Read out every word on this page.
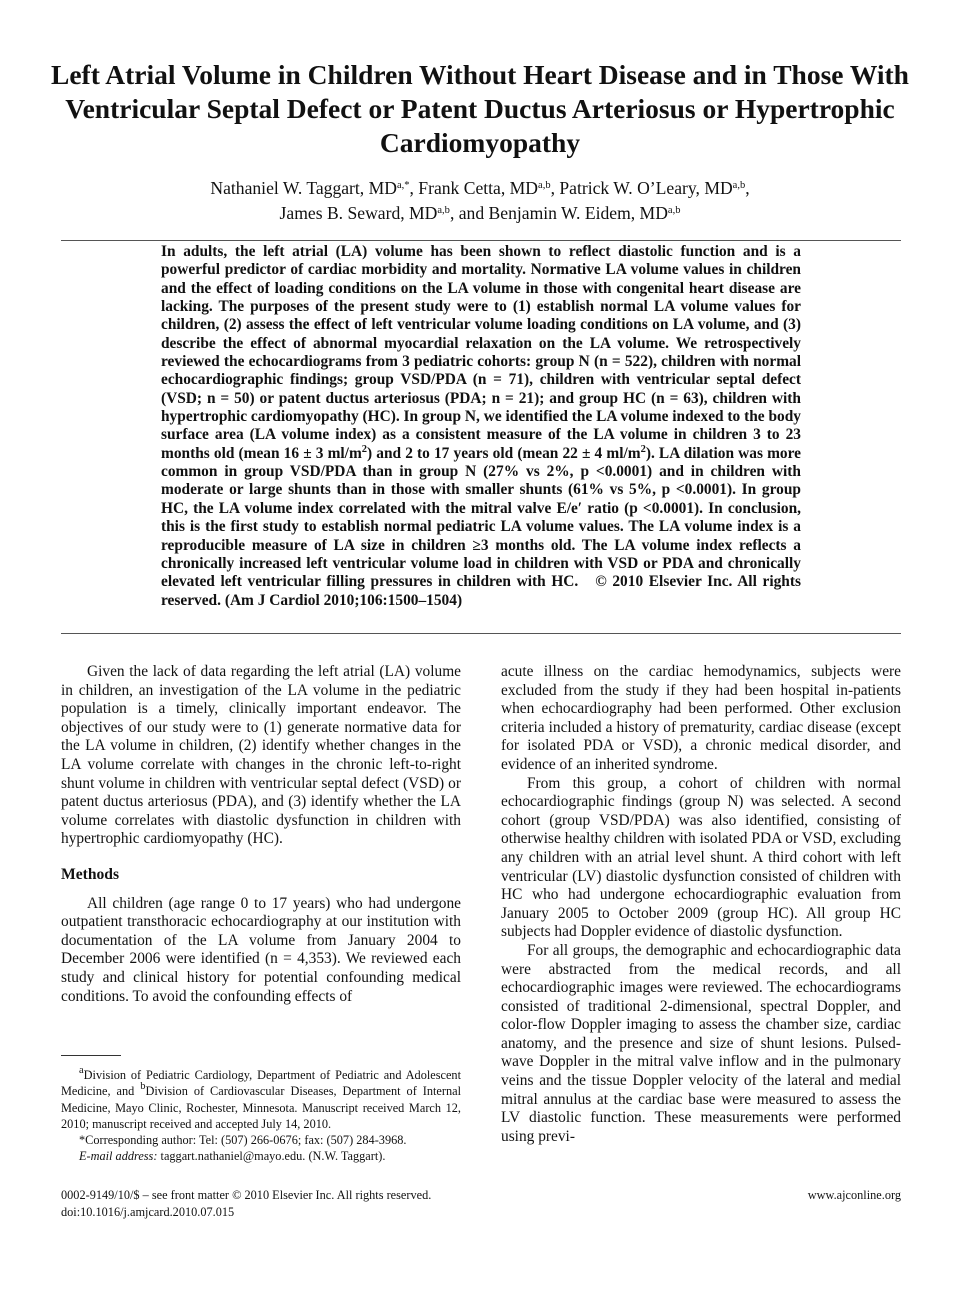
Left Atrial Volume in Children Without Heart Disease and in Those With Ventricular Septal Defect or Patent Ductus Arteriosus or Hypertrophic Cardiomyopathy
Nathaniel W. Taggart, $MD^{a,*}$, Frank Cetta, MD$^{a,b}$, Patrick W. O’Leary, MD$^{a,b}$,
James B. Seward, MD$^{a,b}$, and Benjamin W. Eidem, MD$^{a,b}$

In adults, the left atrial (LA) volume has been shown to reflect diastolic function and is a powerful predictor of cardiac morbidity and mortality. Normative LA volume values in children and the effect of loading conditions on the LA volume in those with congenital heart disease are lacking. The purposes of the present study were to (1) establish normal LA volume values for children, (2) assess the effect of left ventricular volume loading conditions on LA volume, and (3) describe the effect of abnormal myocardial relaxation on the LA volume. We retrospectively reviewed the echocardiograms from 3 pediatric cohorts: group N (n = 522), children with normal echocardiographic findings; group VSD/PDA (n = 71), children with ventricular septal defect (VSD; n = 50) or patent ductus arteriosus (PDA; n = 21); and group HC (n = 63), children with hypertrophic cardiomyopathy (HC). In group N, we identified the LA volume indexed to the body surface area (LA volume index) as a consistent measure of the LA volume in children 3 to 23 months old (mean 16 ± 3 $ml/m^2$) and 2 to 17 years old (mean 22 ± 4 $ml/m^2$). LA dilation was more common in group VSD/PDA than in group N (27% vs 2%, p <0.0001) and in children with moderate or large shunts than in those with smaller shunts (61% vs 5%, p <0.0001). In group HC, the LA volume index correlated with the mitral valve E/e′ ratio (p <0.0001). In conclusion, this is the first study to establish normal pediatric LA volume values. The LA volume index is a reproducible measure of LA size in children ≥3 months old. The LA volume index reflects a chronically increased left ventricular volume load in children with VSD or PDA and chronically elevated left ventricular filling pressures in children with HC. © 2010 Elsevier Inc. All rights reserved. (Am J Cardiol 2010;106:1500–1504)

Given the lack of data regarding the left atrial (LA) volume in children, an investigation of the LA volume in the pediatric population is a timely, clinically important endeavor. The objectives of our study were to (1) generate normative data for the LA volume in children, (2) identify whether changes in the LA volume correlate with changes in the chronic left-to-right shunt volume in children with ventricular septal defect (VSD) or patent ductus arteriosus (PDA), and (3) identify whether the LA volume correlates with diastolic dysfunction in children with hypertrophic cardiomyopathy (HC).

Methods

All children (age range 0 to 17 years) who had undergone outpatient transthoracic echocardiography at our institution with documentation of the LA volume from January 2004 to December 2006 were identified (n = 4,353). We reviewed each study and clinical history for potential confounding medical conditions. To avoid the confounding effects of

acute illness on the cardiac hemodynamics, subjects were excluded from the study if they had been hospital in-patients when echocardiography had been performed. Other exclusion criteria included a history of prematurity, cardiac disease (except for isolated PDA or VSD), a chronic medical disorder, and evidence of an inherited syndrome.

From this group, a cohort of children with normal echocardiographic findings (group N) was selected. A second cohort (group VSD/PDA) was also identified, consisting of otherwise healthy children with isolated PDA or VSD, excluding any children with an atrial level shunt. A third cohort with left ventricular (LV) diastolic dysfunction consisted of children with HC who had undergone echocardiographic evaluation from January 2005 to October 2009 (group HC). All group HC subjects had Doppler evidence of diastolic dysfunction.

For all groups, the demographic and echocardiographic data were abstracted from the medical records, and all echocardiographic images were reviewed. The echocardiograms consisted of traditional 2-dimensional, spectral Doppler, and color-flow Doppler imaging to assess the chamber size, cardiac anatomy, and the presence and size of shunt lesions. Pulsed-wave Doppler in the mitral valve inflow and in the pulmonary veins and the tissue Doppler velocity of the lateral and medial mitral annulus at the cardiac base were measured to assess the LV diastolic function. These measurements were performed using previ-

$^a$Division of Pediatric Cardiology, Department of Pediatric and Adolescent Medicine, and $^b$Division of Cardiovascular Diseases, Department of Internal Medicine, Mayo Clinic, Rochester, Minnesota. Manuscript received March 12, 2010; manuscript received and accepted July 14, 2010.

*Corresponding author: Tel: (507) 266-0676; fax: (507) 284-3968.

E-mail address: taggart.nathaniel@mayo.edu. (N.W. Taggart).

0002-9149/10/$ – see front matter © 2010 Elsevier Inc. All rights reserved.
doi:10.1016/j.amjcard.2010.07.015
www.ajconline.org
